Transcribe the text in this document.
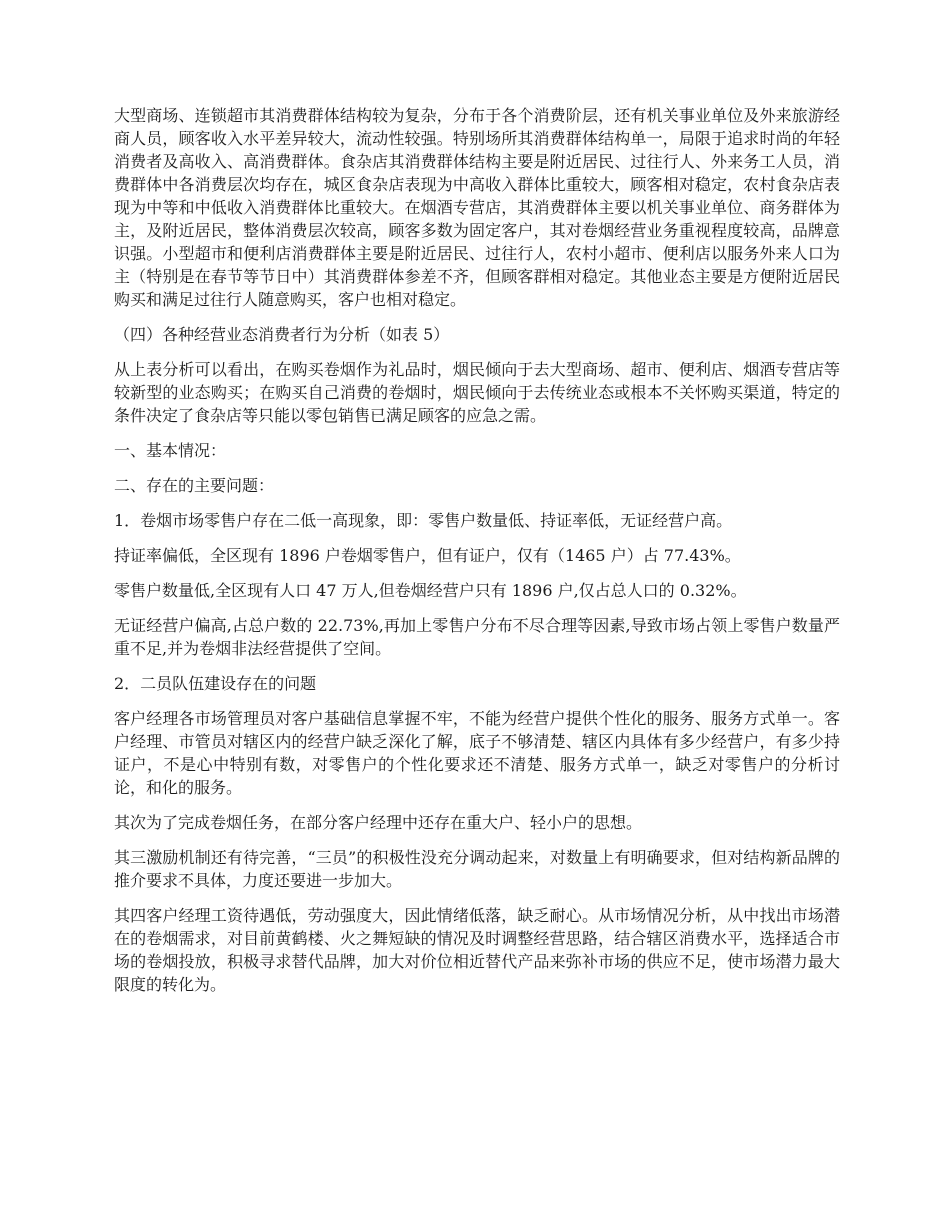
大型商场、连锁超市其消费群体结构较为复杂，分布于各个消费阶层，还有机关事业单位及外来旅游经商人员，顾客收入水平差异较大，流动性较强。特别场所其消费群体结构单一，局限于追求时尚的年轻消费者及高收入、高消费群体。食杂店其消费群体结构主要是附近居民、过往行人、外来务工人员，消费群体中各消费层次均存在，城区食杂店表现为中高收入群体比重较大，顾客相对稳定，农村食杂店表现为中等和中低收入消费群体比重较大。在烟酒专营店，其消费群体主要以机关事业单位、商务群体为主，及附近居民，整体消费层次较高，顾客多数为固定客户，其对卷烟经营业务重视程度较高，品牌意识强。小型超市和便利店消费群体主要是附近居民、过往行人，农村小超市、便利店以服务外来人口为主（特别是在春节等节日中）其消费群体参差不齐，但顾客群相对稳定。其他业态主要是方便附近居民购买和满足过往行人随意购买，客户也相对稳定。

（四）各种经营业态消费者行为分析（如表 5）

从上表分析可以看出，在购买卷烟作为礼品时，烟民倾向于去大型商场、超市、便利店、烟酒专营店等较新型的业态购买；在购买自己消费的卷烟时，烟民倾向于去传统业态或根本不关怀购买渠道，特定的条件决定了食杂店等只能以零包销售已满足顾客的应急之需。

一、基本情况：

二、存在的主要问题：

1．卷烟市场零售户存在二低一高现象，即：零售户数量低、持证率低，无证经营户高。

持证率偏低，全区现有 1896 户卷烟零售户，但有证户，仅有（1465 户）占 77.43%。

零售户数量低,全区现有人口 47 万人,但卷烟经营户只有 1896 户,仅占总人口的 0.32%。

无证经营户偏高,占总户数的 22.73%,再加上零售户分布不尽合理等因素,导致市场占领上零售户数量严重不足,并为卷烟非法经营提供了空间。

2．二员队伍建设存在的问题

客户经理各市场管理员对客户基础信息掌握不牢，不能为经营户提供个性化的服务、服务方式单一。客户经理、市管员对辖区内的经营户缺乏深化了解，底子不够清楚、辖区内具体有多少经营户，有多少持证户，不是心中特别有数，对零售户的个性化要求还不清楚、服务方式单一，缺乏对零售户的分析讨论，和化的服务。

其次为了完成卷烟任务，在部分客户经理中还存在重大户、轻小户的思想。

其三激励机制还有待完善，“三员”的积极性没充分调动起来，对数量上有明确要求，但对结构新品牌的推介要求不具体，力度还要进一步加大。

其四客户经理工资待遇低，劳动强度大，因此情绪低落，缺乏耐心。从市场情况分析，从中找出市场潜在的卷烟需求，对目前黄鹤楼、火之舞短缺的情况及时调整经营思路，结合辖区消费水平，选择适合市场的卷烟投放，积极寻求替代品牌，加大对价位相近替代产品来弥补市场的供应不足，使市场潜力最大限度的转化为。
